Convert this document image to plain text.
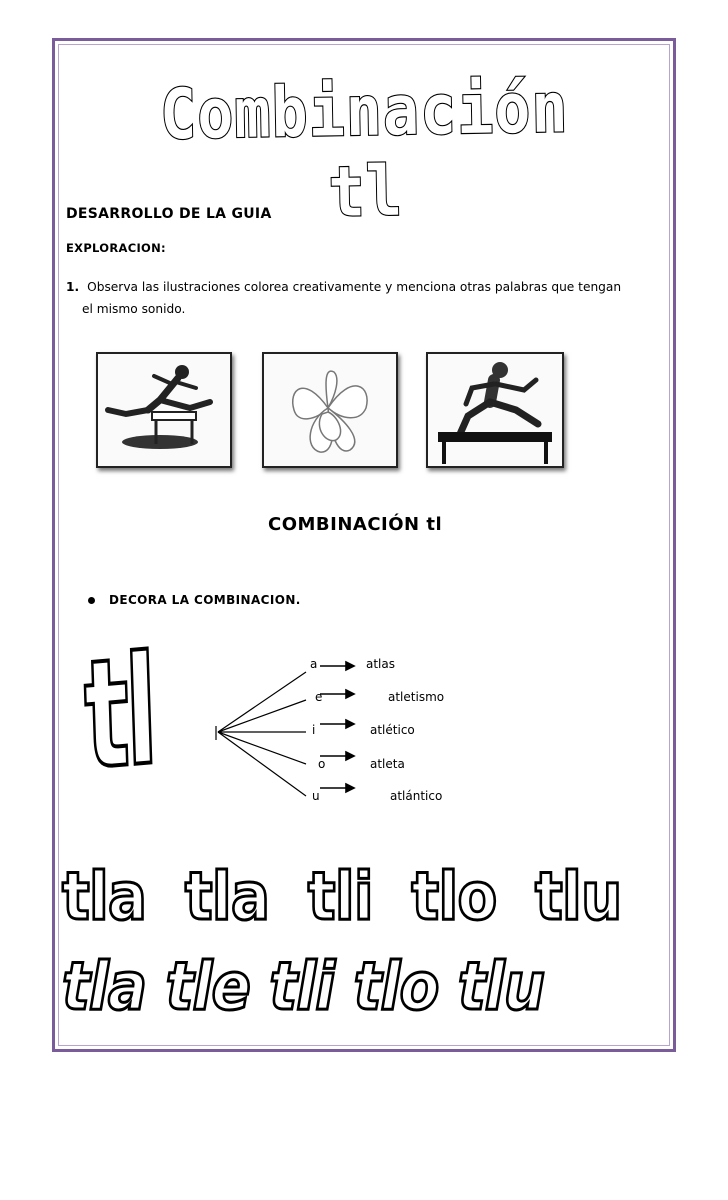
Combinación tl
DESARROLLO DE LA GUIA
EXPLORACION:
1. Observa las ilustraciones colorea creativamente y menciona otras palabras que tengan
el mismo sonido.
COMBINACIÓN tl
DECORA LA COMBINACION.
tl	a
e
i
o
u
atlas
atletismo
atlético
atleta
atlántico
tla  tla  tli  tlo  tlu
tla tle tli tlo tlu
